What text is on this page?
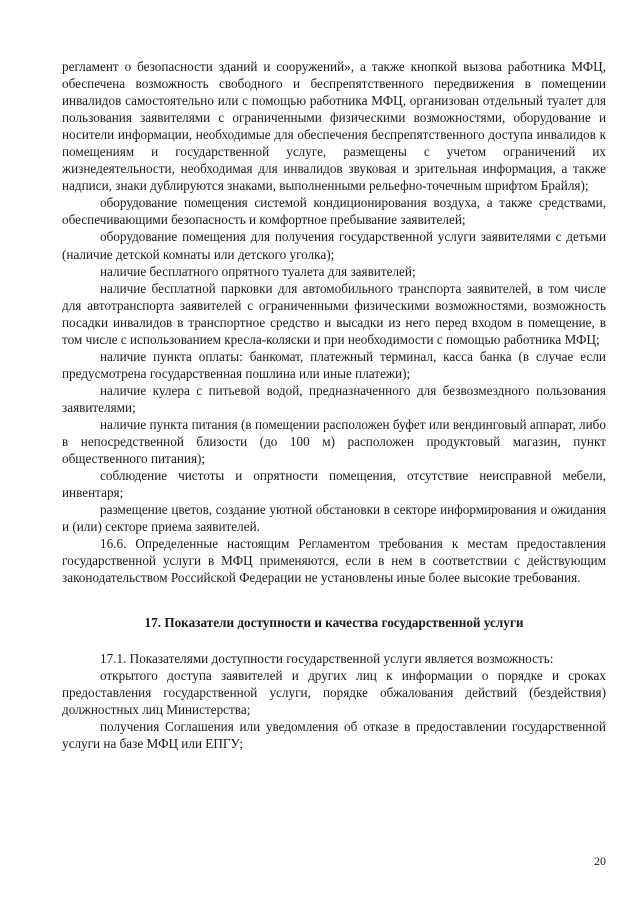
регламент о безопасности зданий и сооружений», а также кнопкой вызова работника МФЦ, обеспечена возможность свободного и беспрепятственного передвижения в помещении инвалидов самостоятельно или с помощью работника МФЦ, организован отдельный туалет для пользования заявителями с ограниченными физическими возможностями, оборудование и носители информации, необходимые для обеспечения беспрепятственного доступа инвалидов к помещениям и государственной услуге, размещены с учетом ограничений их жизнедеятельности, необходимая для инвалидов звуковая и зрительная информация, а также надписи, знаки дублируются знаками, выполненными рельефно-точечным шрифтом Брайля);

оборудование помещения системой кондиционирования воздуха, а также средствами, обеспечивающими безопасность и комфортное пребывание заявителей;

оборудование помещения для получения государственной услуги заявителями с детьми (наличие детской комнаты или детского уголка);

наличие бесплатного опрятного туалета для заявителей;

наличие бесплатной парковки для автомобильного транспорта заявителей, в том числе для автотранспорта заявителей с ограниченными физическими возможностями, возможность посадки инвалидов в транспортное средство и высадки из него перед входом в помещение, в том числе с использованием кресла-коляски и при необходимости с помощью работника МФЦ;

наличие пункта оплаты: банкомат, платежный терминал, касса банка (в случае если предусмотрена государственная пошлина или иные платежи);

наличие кулера с питьевой водой, предназначенного для безвозмездного пользования заявителями;

наличие пункта питания (в помещении расположен буфет или вендинговый аппарат, либо в непосредственной близости (до 100 м) расположен продуктовый магазин, пункт общественного питания);

соблюдение чистоты и опрятности помещения, отсутствие неисправной мебели, инвентаря;

размещение цветов, создание уютной обстановки в секторе информирования и ожидания и (или) секторе приема заявителей.

16.6. Определенные настоящим Регламентом требования к местам предоставления государственной услуги в МФЦ применяются, если в нем в соответствии с действующим законодательством Российской Федерации не установлены иные более высокие требования.

17. Показатели доступности и качества государственной услуги

17.1. Показателями доступности государственной услуги является возможность:

открытого доступа заявителей и других лиц к информации о порядке и сроках предоставления государственной услуги, порядке обжалования действий (бездействия) должностных лиц Министерства;

получения Соглашения или уведомления об отказе в предоставлении государственной услуги на базе МФЦ или ЕПГУ;

20
